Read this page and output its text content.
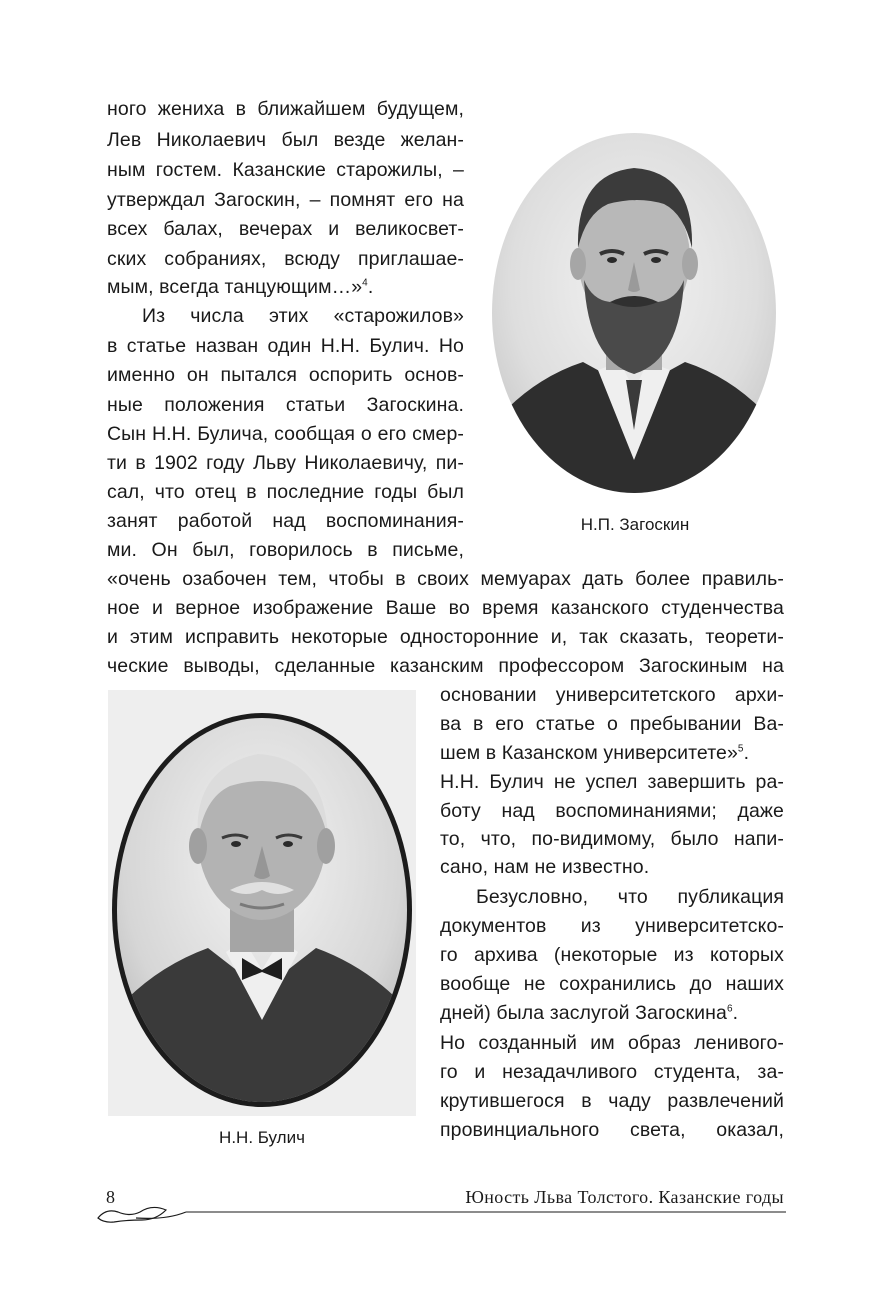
ного жениха в ближайшем будущем,
Лев Николаевич был везде желан-
ным гостем. Казанские старожилы, –
утверждал Загоскин, – помнят его на
всех балах, вечерах и великосвет-
ских собраниях, всюду приглашае-
мым, всегда танцующим…»$^4$.
Из числа этих «старожилов»
в статье назван один Н.Н. Булич. Но
именно он пытался оспорить основ-
ные положения статьи Загоскина.
Сын Н.Н. Булича, сообщая о его смер-
ти в 1902 году Льву Николаевичу, пи-
сал, что отец в последние годы был
занят работой над воспоминания-
ми. Он был, говорилось в письме,
«очень озабочен тем, чтобы в своих мемуарах дать более правиль-
ное и верное изображение Ваше во время казанского студенчества
и этим исправить некоторые односторонние и, так сказать, теорети-
ческие выводы, сделанные казанским профессором Загоскиным на
основании университетского архи-
ва в его статье о пребывании Ва-
шем в Казанском университете»$^5$.
Н.Н. Булич не успел завершить ра-
боту над воспоминаниями; даже
то, что, по-видимому, было напи-
сано, нам не известно.
Безусловно, что публикация
документов из университетско-
го архива (некоторые из которых
вообще не сохранились до наших
дней) была заслугой Загоскина$^6$.
Но созданный им образ ленивого-
го и незадачливого студента, за-
крутившегося в чаду развлечений
провинциального света, оказал,
Н.П. Загоскин
Н.Н. Булич
8	Юность Льва Толстого. Казанские годы
